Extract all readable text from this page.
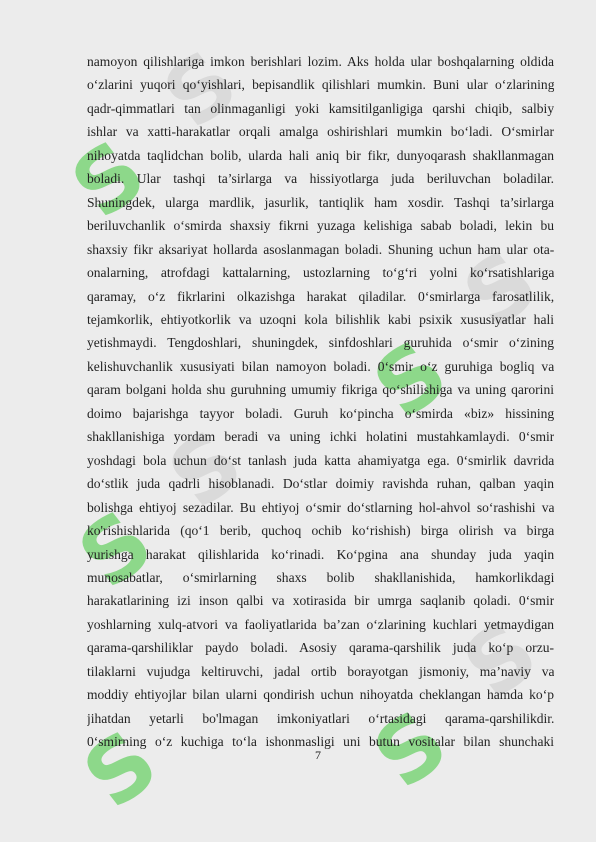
S
S
S
S
S
S
S
S
S
namoyon qilishlariga imkon berishlari lozim. Aks holda ular boshqalarning oldida
o‘zlarini yuqori qo‘yishlari, bepisandlik qilishlari mumkin. Buni ular o‘zlarining
qadr-qimmatlari tan olinmaganligi yoki kamsitilganligiga qarshi chiqib, salbiy
ishlar va xatti-harakatlar orqali amalga oshirishlari mumkin bo‘ladi. O‘smirlar
nihoyatda taqlidchan bolib, ularda hali aniq bir fikr, dunyoqarash shakllanmagan
boladi. Ular tashqi ta’sirlarga va hissiyotlarga juda beriluvchan boladilar.
Shuningdek, ularga mardlik, jasurlik, tantiqlik ham xosdir. Tashqi ta’sirlarga
beriluvchanlik o‘smirda shaxsiy fikrni yuzaga kelishiga sabab boladi, lekin bu
shaxsiy fikr aksariyat hollarda asoslanmagan boladi. Shuning uchun ham ular ota-
onalarning, atrofdagi kattalarning, ustozlarning to‘g‘ri yolni ko‘rsatishlariga
qaramay, o‘z fikrlarini olkazishga harakat qiladilar. 0‘smirlarga farosatlilik,
tejamkorlik, ehtiyotkorlik va uzoqni kola bilishlik kabi psixik xususiyatlar hali
yetishmaydi. Tengdoshlari, shuningdek, sinfdoshlari guruhida o‘smir o‘zining
kelishuvchanlik xususiyati bilan namoyon boladi. 0‘smir o‘z guruhiga bogliq va
qaram bolgani holda shu guruhning umumiy fikriga qo‘shilishiga va uning qarorini
doimo bajarishga tayyor boladi. Guruh ko‘pincha o‘smirda «biz» hissining
shakllanishiga yordam beradi va uning ichki holatini mustahkamlaydi. 0‘smir
yoshdagi bola uchun do‘st tanlash juda katta ahamiyatga ega. 0‘smirlik davrida
do‘stlik juda qadrli hisoblanadi. Do‘stlar doimiy ravishda ruhan, qalban yaqin
bolishga ehtiyoj sezadilar. Bu ehtiyoj o‘smir do‘stlarning hol-ahvol so‘rashishi va
ko'rishishlarida (qo‘1 berib, quchoq ochib ko‘rishish) birga olirish va birga
yurishga harakat qilishlarida ko‘rinadi. Ko‘pgina ana shunday juda yaqin
munosabatlar, o‘smirlarning shaxs bolib shakllanishida, hamkorlikdagi
harakatlarining izi inson qalbi va xotirasida bir umrga saqlanib qoladi. 0‘smir
yoshlarning xulq-atvori va faoliyatlarida ba’zan o‘zlarining kuchlari yetmaydigan
qarama-qarshiliklar paydo boladi. Asosiy qarama-qarshilik juda ko‘p orzu-
tilaklarni vujudga keltiruvchi, jadal ortib borayotgan jismoniy, ma’naviy va
moddiy ehtiyojlar bilan ularni qondirish uchun nihoyatda cheklangan hamda ko‘p
jihatdan yetarli bo'lmagan imkoniyatlari o‘rtasidagi qarama-qarshilikdir.
0‘smirning o‘z kuchiga to‘la ishonmasligi uni butun vositalar bilan shunchaki
7
